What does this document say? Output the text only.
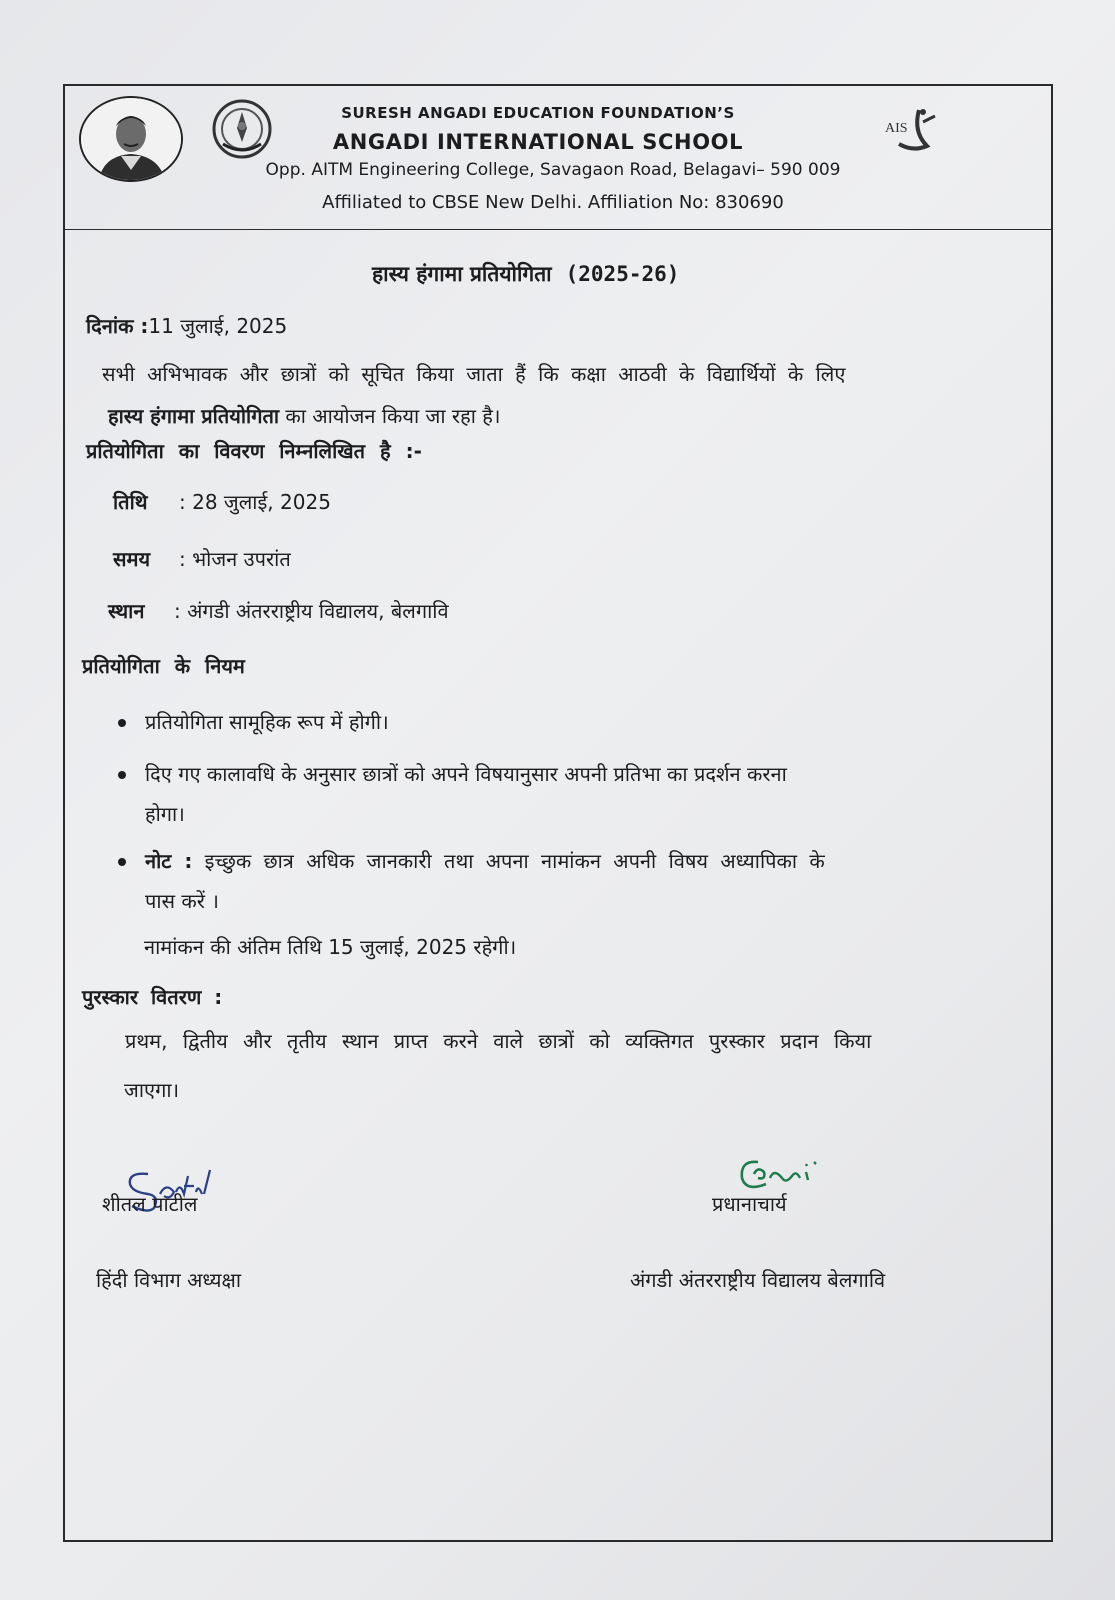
SURESH ANGADI EDUCATION FOUNDATION’S
ANGADI INTERNATIONAL SCHOOL
Opp. AITM Engineering College, Savagaon Road, Belagavi– 590 009
Affiliated to CBSE New Delhi. Affiliation No: 830690
AIS
हास्य हंगामा प्रतियोगिता (2025-26)
दिनांक :11 जुलाई, 2025
सभी अभिभावक और छात्रों को सूचित किया जाता हैं कि कक्षा आठवी के विद्यार्थियों के लिए
हास्य हंगामा प्रतियोगिता का आयोजन किया जा रहा है।
प्रतियोगिता का विवरण निम्नलिखित है :-
तिथि : 28 जुलाई, 2025
समय : भोजन उपरांत
स्थान : अंगडी अंतरराष्ट्रीय विद्यालय, बेलगावि
प्रतियोगिता के नियम
प्रतियोगिता सामूहिक रूप में होगी।
दिए गए कालावधि के अनुसार छात्रों को अपने विषयानुसार अपनी प्रतिभा का प्रदर्शन करना
होगा।
नोट : इच्छुक छात्र अधिक जानकारी तथा अपना नामांकन अपनी विषय अध्यापिका के
पास करें ।
नामांकन की अंतिम तिथि 15 जुलाई, 2025 रहेगी।
पुरस्कार वितरण :
प्रथम, द्वितीय और तृतीय स्थान प्राप्त करने वाले छात्रों को व्यक्तिगत पुरस्कार प्रदान किया
जाएगा।
शीतल पाटील
हिंदी विभाग अध्यक्षा
प्रधानाचार्य
अंगडी अंतरराष्ट्रीय विद्यालय बेलगावि
